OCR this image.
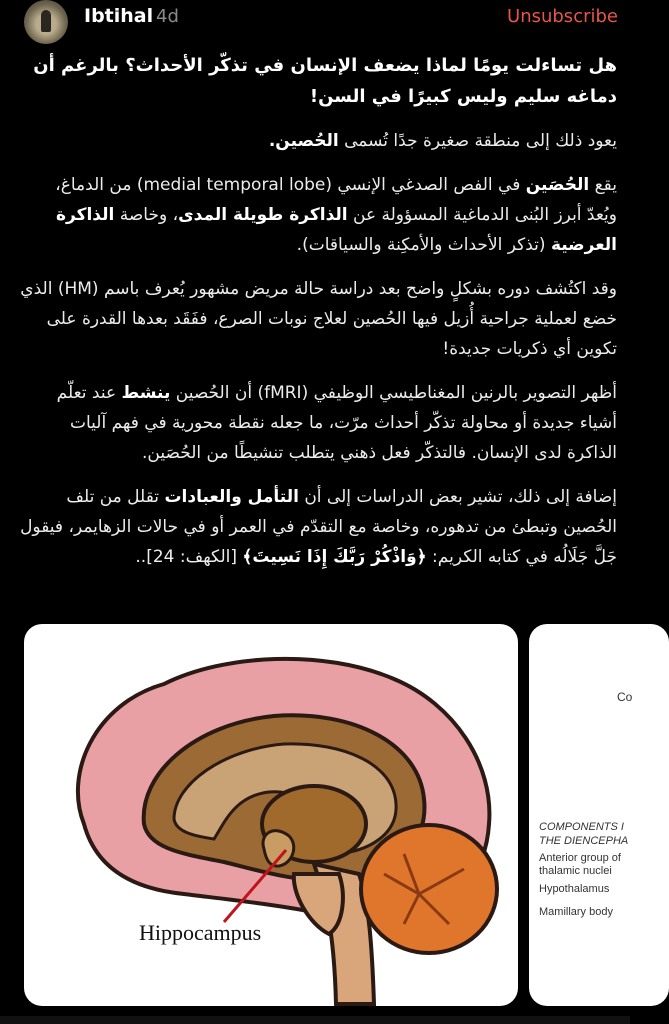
Ibtihal 4d	Unsubscribe

هل تساءلت يومًا لماذا يضعف الإنسان في تذكّر الأحداث؟ بالرغم أن دماغه سليم وليس كبيرًا في السن!

يعود ذلك إلى منطقة صغيرة جدًا تُسمى الحُصين.

يقع الحُصَين في الفص الصدغي الإنسي (medial temporal lobe) من الدماغ، ويُعدّ أبرز البُنى الدماغية المسؤولة عن الذاكرة طويلة المدى، وخاصة الذاكرة العرضية (تذكر الأحداث والأمكِنة والسياقات).

وقد اكتُشف دوره بشكلٍ واضح بعد دراسة حالة مريض مشهور يُعرف باسم (HM) الذي خضع لعملية جراحية أُزيل فيها الحُصين لعلاج نوبات الصرع، ففَقَد بعدها القدرة على تكوين أي ذكريات جديدة!

أظهر التصوير بالرنين المغناطيسي الوظيفي (fMRI) أن الحُصين ينشط عند تعلّم أشياء جديدة أو محاولة تذكّر أحداث مرّت، ما جعله نقطة محورية في فهم آليات الذاكرة لدى الإنسان. فالتذكّر فعل ذهني يتطلب تنشيطًا من الحُصَين.

إضافة إلى ذلك، تشير بعض الدراسات إلى أن التأمل والعبادات تقلل من تلف الحُصين وتبطئ من تدهوره، وخاصة مع التقدّم في العمر أو في حالات الزهايمر، فيقول جَلَّ جَلَالُه في كتابه الكريم: ﴿وَاذْكُرْ رَبَّكَ إِذَا نَسِيتَ﴾ [الكهف: 24]..

Hippocampus
Co
COMPONENTS I
THE DIENCEPHA
Anterior group of
thalamic nuclei
Hypothalamus
Mamillary body
